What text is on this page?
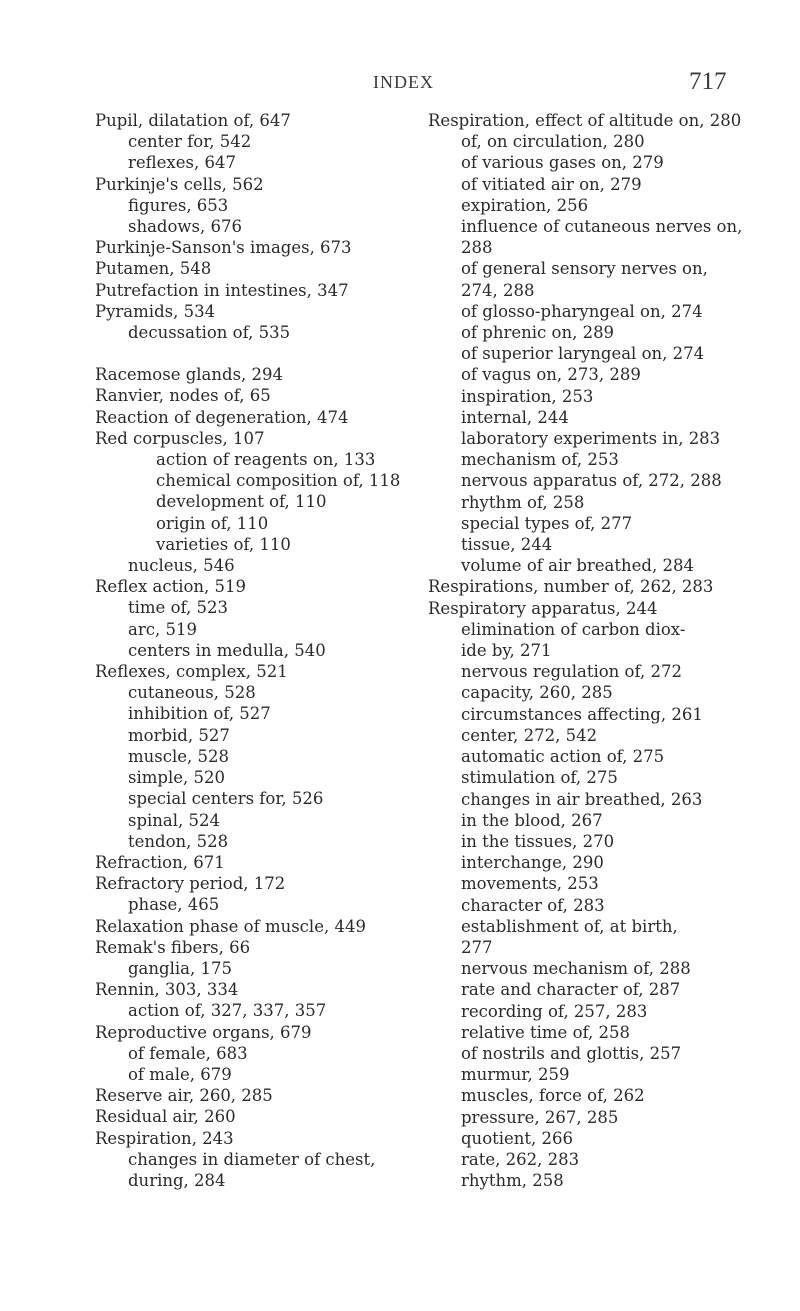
INDEX	717
Pupil, dilatation of, 647
center for, 542
reflexes, 647
Purkinje's cells, 562
figures, 653
shadows, 676
Purkinje-Sanson's images, 673
Putamen, 548
Putrefaction in intestines, 347
Pyramids, 534
decussation of, 535
Racemose glands, 294
Ranvier, nodes of, 65
Reaction of degeneration, 474
Red corpuscles, 107
action of reagents on, 133
chemical composition of, 118
development of, 110
origin of, 110
varieties of, 110
nucleus, 546
Reflex action, 519
time of, 523
arc, 519
centers in medulla, 540
Reflexes, complex, 521
cutaneous, 528
inhibition of, 527
morbid, 527
muscle, 528
simple, 520
special centers for, 526
spinal, 524
tendon, 528
Refraction, 671
Refractory period, 172
phase, 465
Relaxation phase of muscle, 449
Remak's fibers, 66
ganglia, 175
Rennin, 303, 334
action of, 327, 337, 357
Reproductive organs, 679
of female, 683
of male, 679
Reserve air, 260, 285
Residual air, 260
Respiration, 243
changes in diameter of chest,
during, 284
Respiration, effect of altitude on, 280
of, on circulation, 280
of various gases on, 279
of vitiated air on, 279
expiration, 256
influence of cutaneous nerves on,
288
of general sensory nerves on,
274, 288
of glosso-pharyngeal on, 274
of phrenic on, 289
of superior laryngeal on, 274
of vagus on, 273, 289
inspiration, 253
internal, 244
laboratory experiments in, 283
mechanism of, 253
nervous apparatus of, 272, 288
rhythm of, 258
special types of, 277
tissue, 244
volume of air breathed, 284
Respirations, number of, 262, 283
Respiratory apparatus, 244
elimination of carbon diox-
ide by, 271
nervous regulation of, 272
capacity, 260, 285
circumstances affecting, 261
center, 272, 542
automatic action of, 275
stimulation of, 275
changes in air breathed, 263
in the blood, 267
in the tissues, 270
interchange, 290
movements, 253
character of, 283
establishment of, at birth,
277
nervous mechanism of, 288
rate and character of, 287
recording of, 257, 283
relative time of, 258
of nostrils and glottis, 257
murmur, 259
muscles, force of, 262
pressure, 267, 285
quotient, 266
rate, 262, 283
rhythm, 258
